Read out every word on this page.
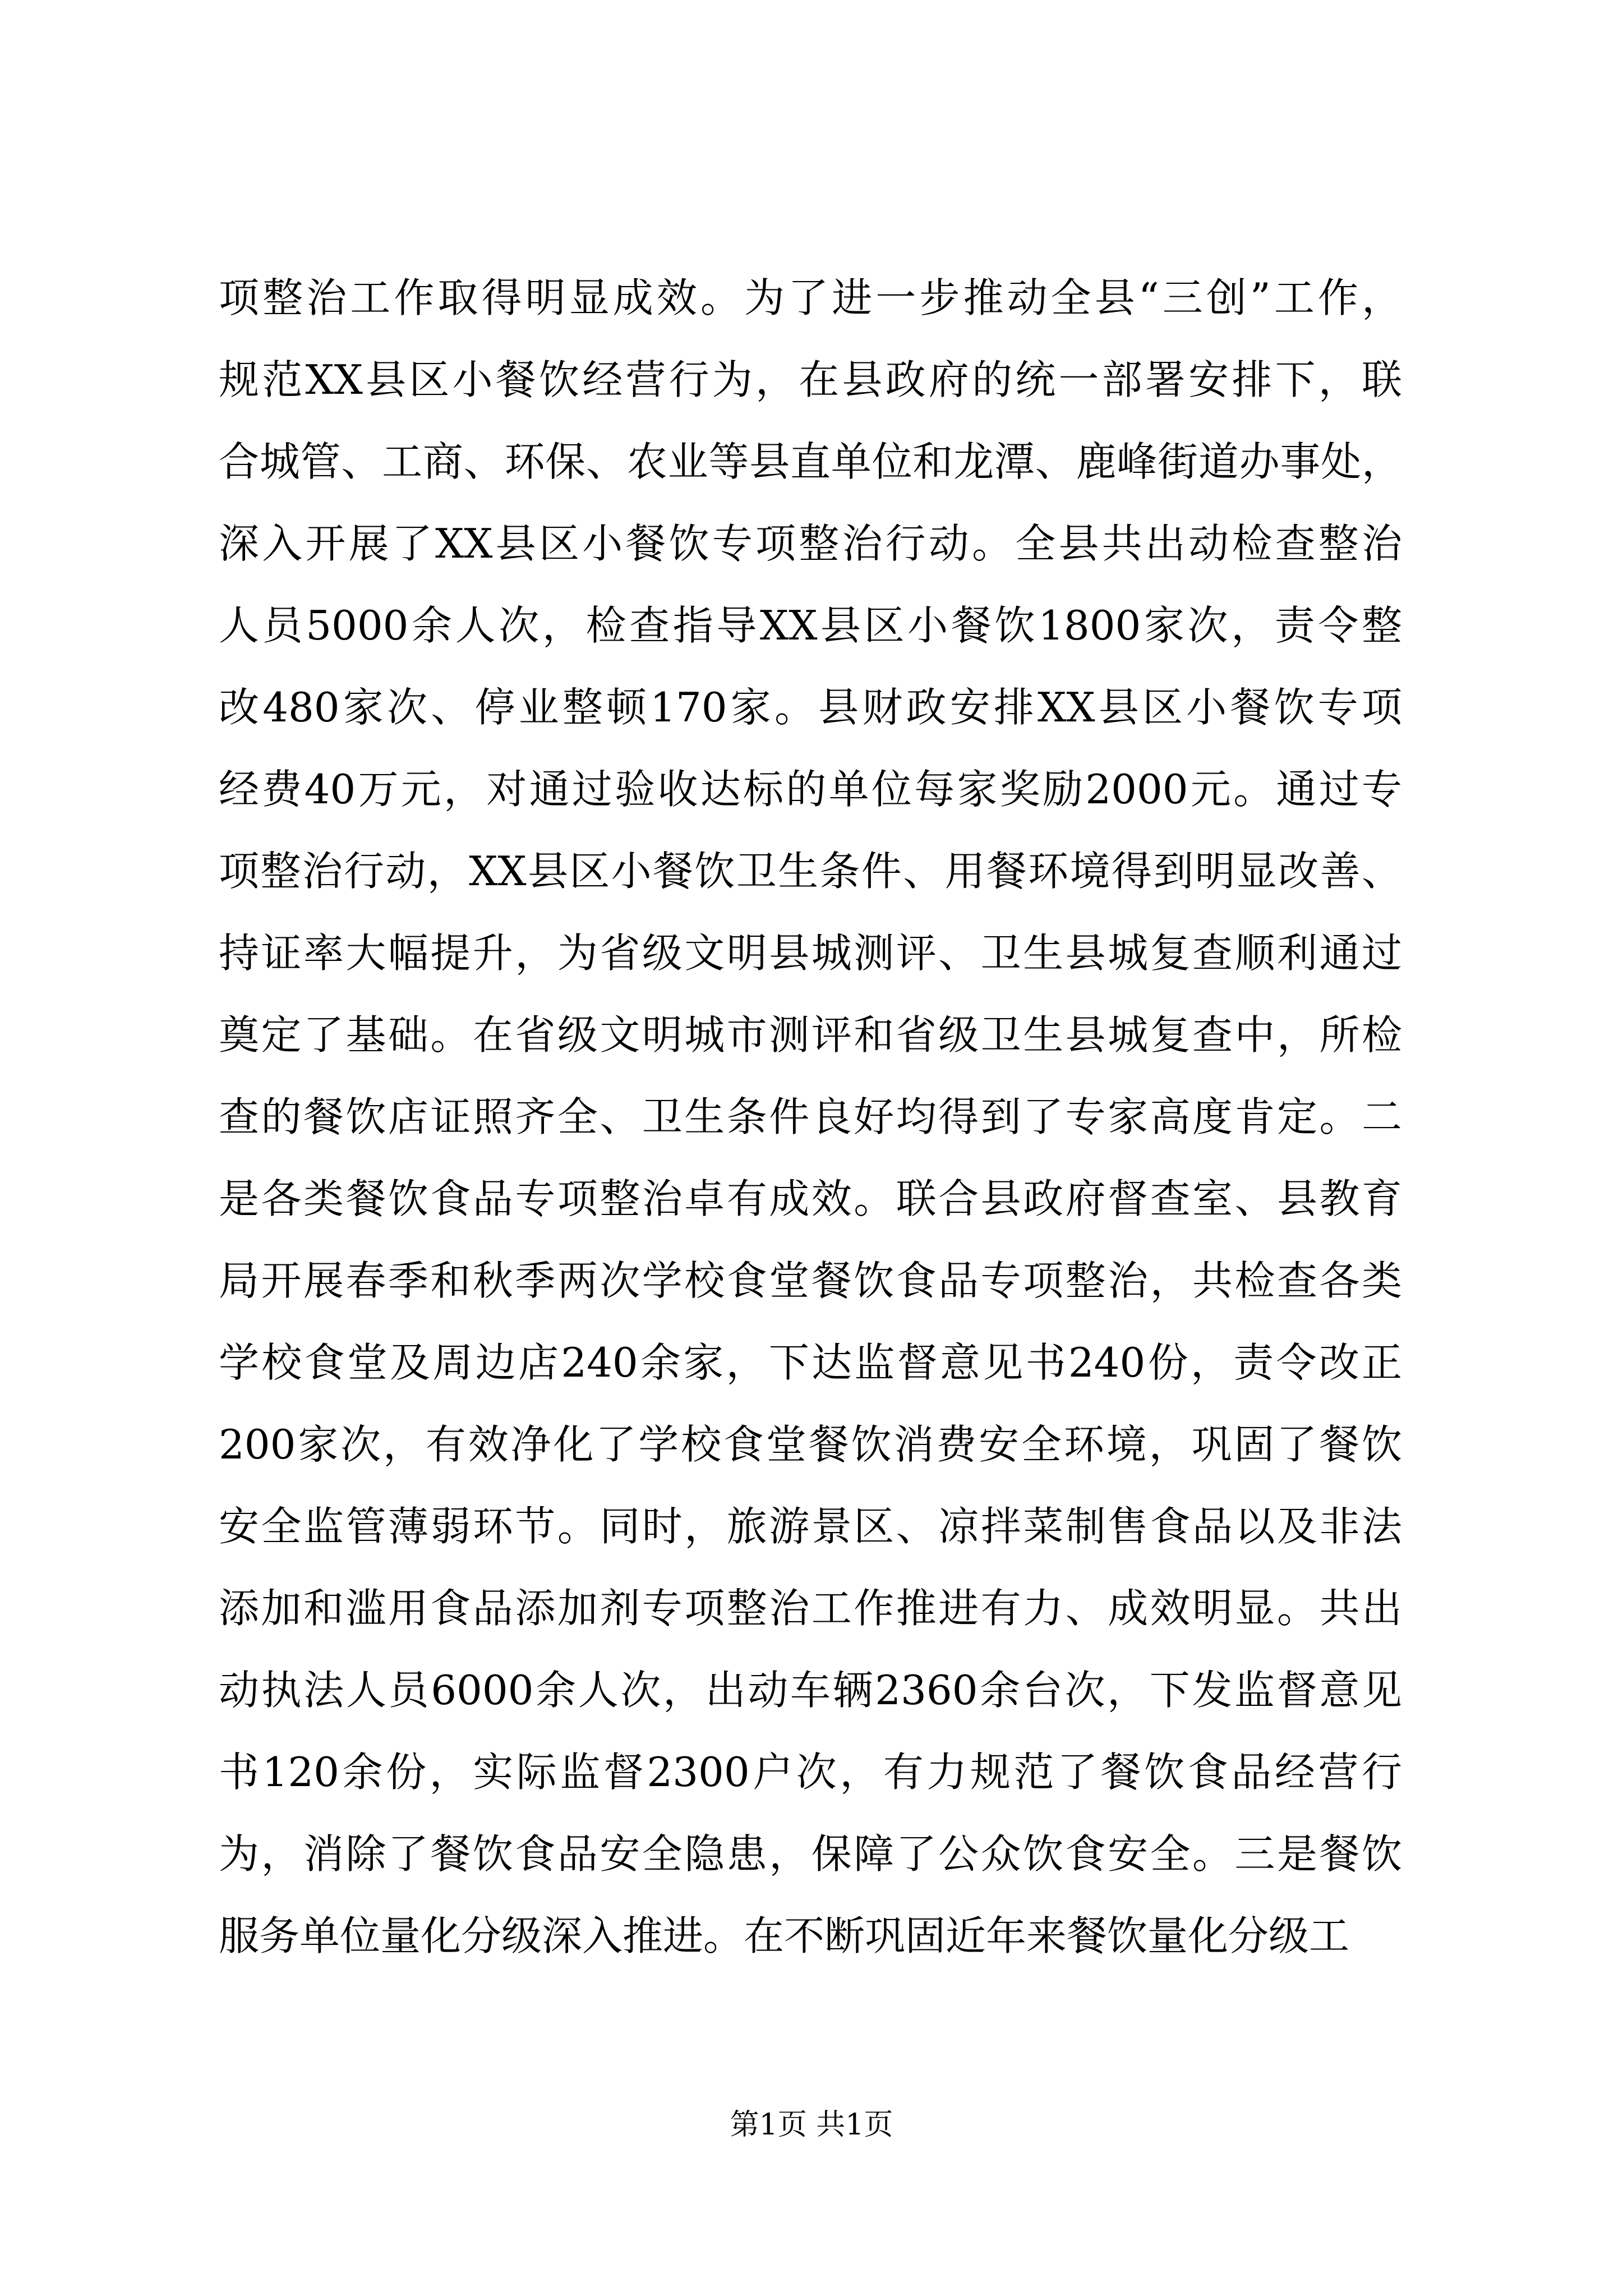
项整治工作取得明显成效。为了进一步推动全县“三创”工作，
规范XX县区小餐饮经营行为，在县政府的统一部署安排下，联
合城管、工商、环保、农业等县直单位和龙潭、鹿峰街道办事处，
深入开展了XX县区小餐饮专项整治行动。全县共出动检查整治
人员5000余人次，检查指导XX县区小餐饮1800家次，责令整
改480家次、停业整顿170家。县财政安排XX县区小餐饮专项
经费40万元，对通过验收达标的单位每家奖励2000元。通过专
项整治行动，XX县区小餐饮卫生条件、用餐环境得到明显改善、
持证率大幅提升，为省级文明县城测评、卫生县城复查顺利通过
奠定了基础。在省级文明城市测评和省级卫生县城复查中，所检
查的餐饮店证照齐全、卫生条件良好均得到了专家高度肯定。二
是各类餐饮食品专项整治卓有成效。联合县政府督查室、县教育
局开展春季和秋季两次学校食堂餐饮食品专项整治，共检查各类
学校食堂及周边店240余家，下达监督意见书240份，责令改正
200家次，有效净化了学校食堂餐饮消费安全环境，巩固了餐饮
安全监管薄弱环节。同时，旅游景区、凉拌菜制售食品以及非法
添加和滥用食品添加剂专项整治工作推进有力、成效明显。共出
动执法人员6000余人次，出动车辆2360余台次，下发监督意见
书120余份，实际监督2300户次，有力规范了餐饮食品经营行
为，消除了餐饮食品安全隐患，保障了公众饮食安全。三是餐饮
服务单位量化分级深入推进。在不断巩固近年来餐饮量化分级工
第1页 共1页
